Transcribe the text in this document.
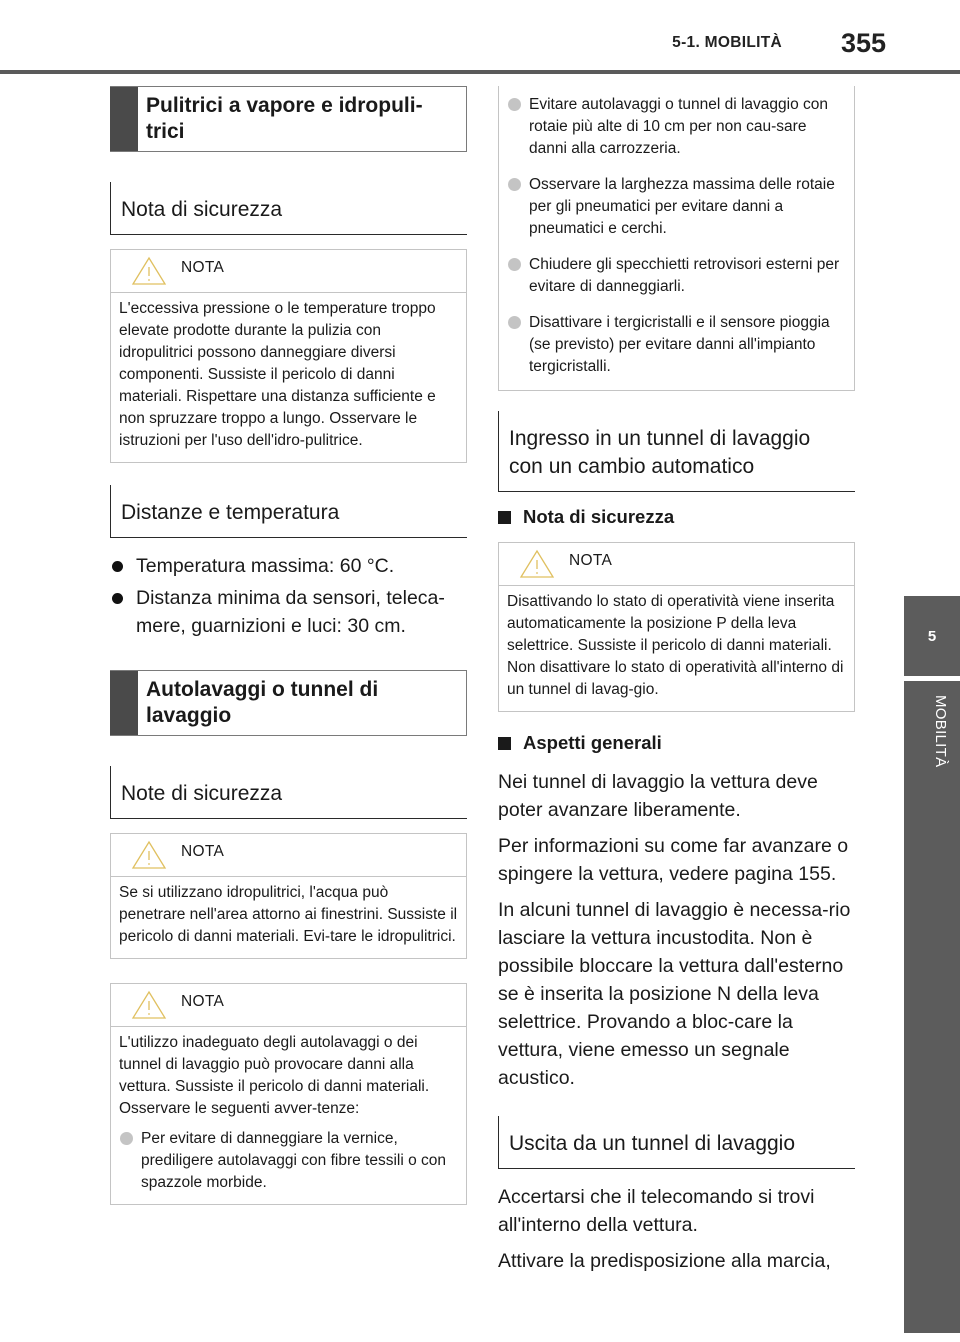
5-1. MOBILITÀ 355
5
MOBILITÀ
Pulitrici a vapore e idropuli-trici
Nota di sicurezza
NOTA
L'eccessiva pressione o le temperature troppo elevate prodotte durante la pulizia con idropulitrici possono danneggiare diversi componenti. Sussiste il pericolo di danni materiali. Rispettare una distanza sufficiente e non spruzzare troppo a lungo. Osservare le istruzioni per l'uso dell'idro-pulitrice.
Distanze e temperatura
Temperatura massima: 60 °C.
Distanza minima da sensori, teleca-mere, guarnizioni e luci: 30 cm.
Autolavaggi o tunnel di lavaggio
Note di sicurezza
NOTA
Se si utilizzano idropulitrici, l'acqua può penetrare nell'area attorno ai finestrini. Sussiste il pericolo di danni materiali. Evi-tare le idropulitrici.
NOTA

L'utilizzo inadeguato degli autolavaggi o dei tunnel di lavaggio può provocare danni alla vettura. Sussiste il pericolo di danni materiali. Osservare le seguenti avver-tenze:

Per evitare di danneggiare la vernice, prediligere autolavaggi con fibre tessili o con spazzole morbide.
Evitare autolavaggi o tunnel di lavaggio con rotaie più alte di 10 cm per non cau-sare danni alla carrozzeria.
Osservare la larghezza massima delle rotaie per gli pneumatici per evitare danni a pneumatici e cerchi.
Chiudere gli specchietti retrovisori esterni per evitare di danneggiarli.
Disattivare i tergicristalli e il sensore pioggia (se previsto) per evitare danni all'impianto tergicristalli.
Ingresso in un tunnel di lavaggio con un cambio automatico
Nota di sicurezza
NOTA
Disattivando lo stato di operatività viene inserita automaticamente la posizione P della leva selettrice. Sussiste il pericolo di danni materiali. Non disattivare lo stato di operatività all'interno di un tunnel di lavag-gio.
Aspetti generali

Nei tunnel di lavaggio la vettura deve poter avanzare liberamente.

Per informazioni su come far avanzare o spingere la vettura, vedere pagina 155.

In alcuni tunnel di lavaggio è necessa-rio lasciare la vettura incustodita. Non è possibile bloccare la vettura dall'esterno se è inserita la posizione N della leva selettrice. Provando a bloc-care la vettura, viene emesso un segnale acustico.

Uscita da un tunnel di lavaggio

Accertarsi che il telecomando si trovi all'interno della vettura.

Attivare la predisposizione alla marcia,
